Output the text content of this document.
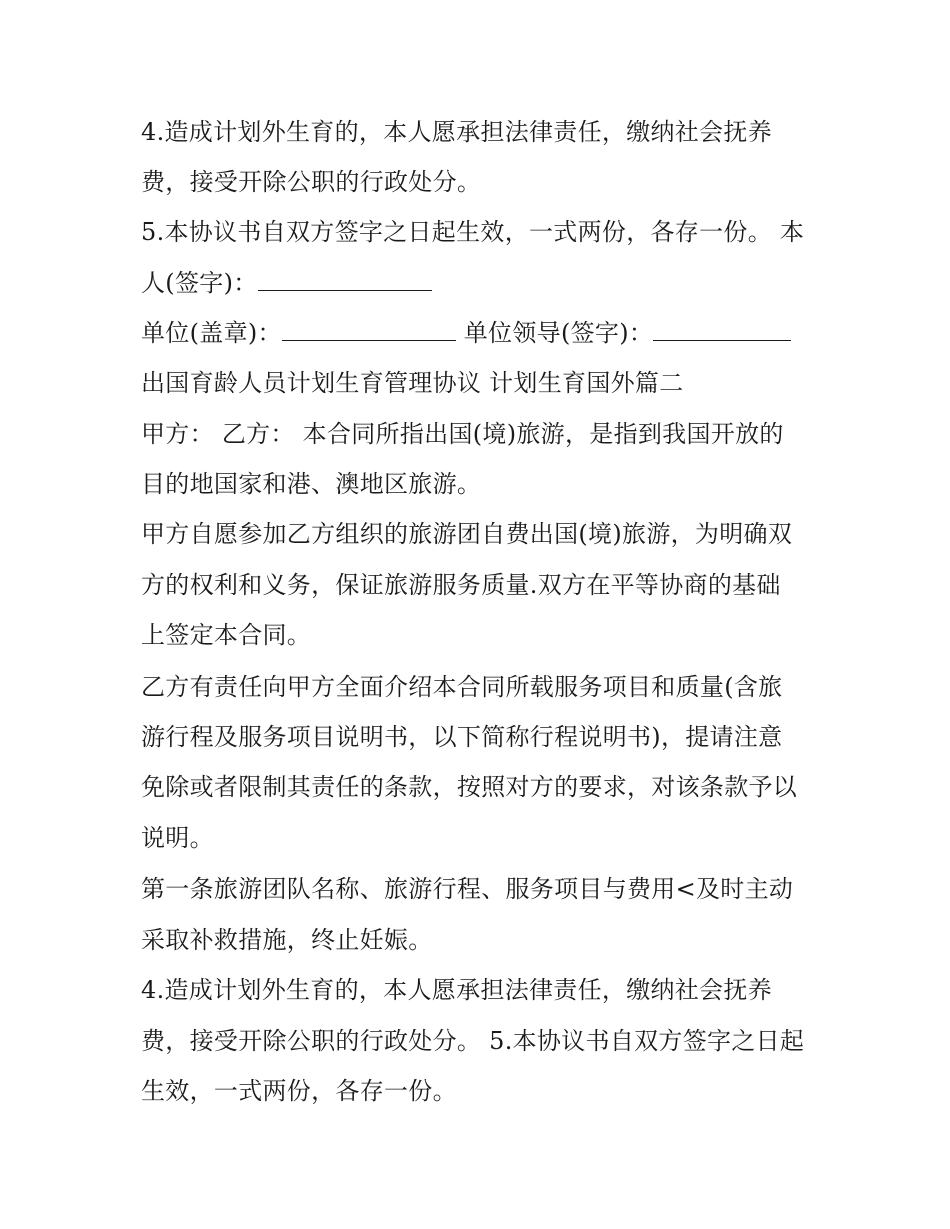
4.造成计划外生育的，本人愿承担法律责任，缴纳社会抚养
费，接受开除公职的行政处分。
5.本协议书自双方签字之日起生效，一式两份，各存一份。 本
人(签字)：
单位(盖章)：	单位领导(签字)：
出国育龄人员计划生育管理协议 计划生育国外篇二
甲方： 乙方： 本合同所指出国(境)旅游，是指到我国开放的
目的地国家和港、澳地区旅游。
甲方自愿参加乙方组织的旅游团自费出国(境)旅游，为明确双
方的权利和义务，保证旅游服务质量.双方在平等协商的基础
上签定本合同。
乙方有责任向甲方全面介绍本合同所载服务项目和质量(含旅
游行程及服务项目说明书，以下简称行程说明书)，提请注意
免除或者限制其责任的条款，按照对方的要求，对该条款予以
说明。
第一条旅游团队名称、旅游行程、服务项目与费用<及时主动
采取补救措施，终止妊娠。
4.造成计划外生育的，本人愿承担法律责任，缴纳社会抚养
费，接受开除公职的行政处分。 5.本协议书自双方签字之日起
生效，一式两份，各存一份。
